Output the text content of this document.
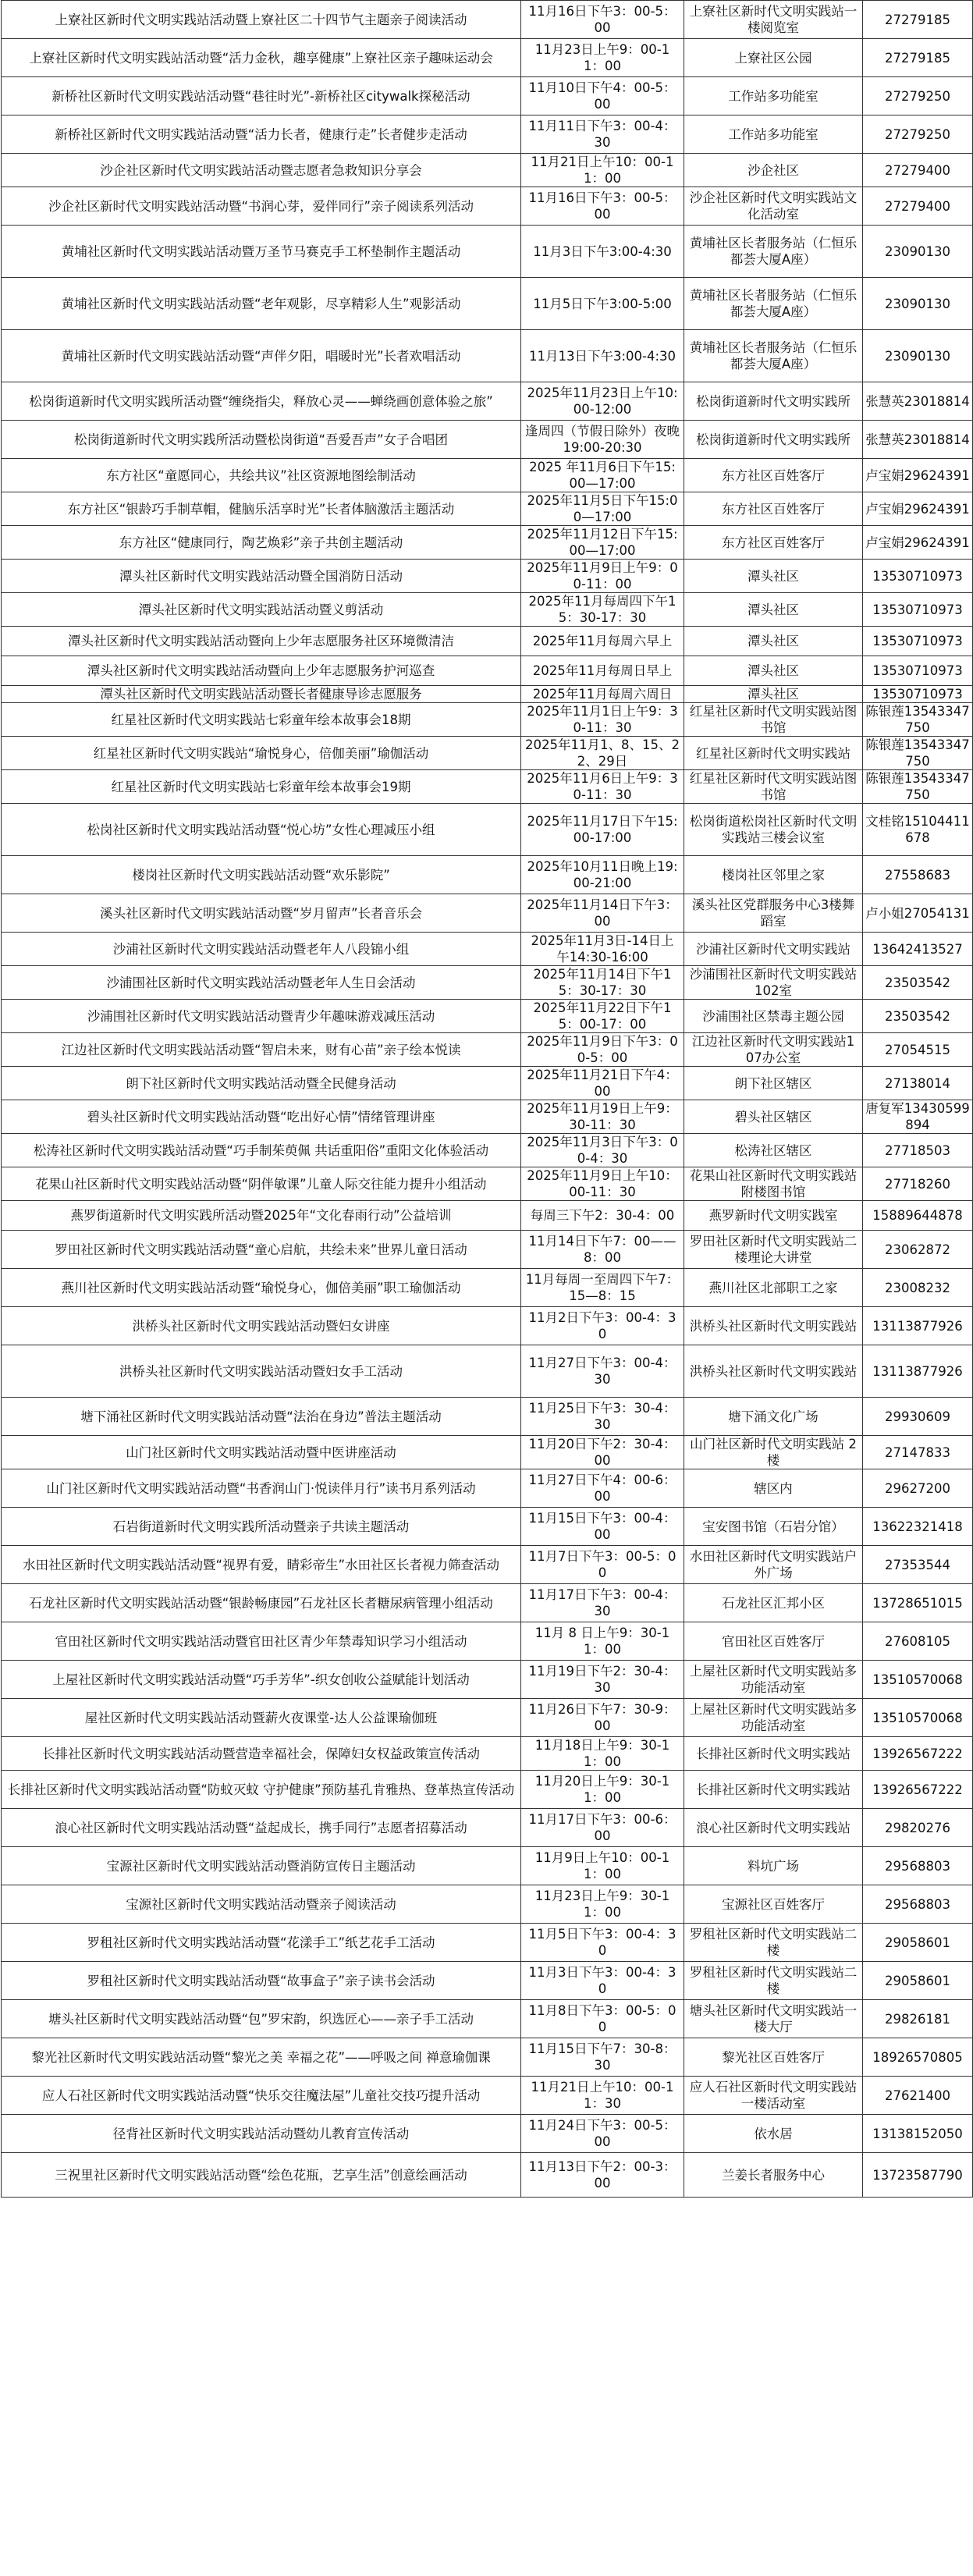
上寮社区新时代文明实践站活动暨上寮社区二十四节气主题亲子阅读活动	11月16日下午3：00-5：00	上寮社区新时代文明实践站一楼阅览室	27279185
上寮社区新时代文明实践站活动暨“活力金秋，趣享健康”上寮社区亲子趣味运动会	11月23日上午9：00-11：00	上寮社区公园	27279185
新桥社区新时代文明实践站活动暨“巷往时光”-新桥社区citywalk探秘活动	11月10日下午4：00-5：00	工作站多功能室	27279250
新桥社区新时代文明实践站活动暨“活力长者，健康行走”长者健步走活动	11月11日下午3：00-4：30	工作站多功能室	27279250
沙企社区新时代文明实践站活动暨志愿者急救知识分享会	11月21日上午10：00-11：00	沙企社区	27279400
沙企社区新时代文明实践站活动暨“书润心芽，爱伴同行”亲子阅读系列活动	11月16日下午3：00-5：00	沙企社区新时代文明实践站文化活动室	27279400
黄埔社区新时代文明实践站活动暨万圣节马赛克手工杯垫制作主题活动	11月3日下午3:00-4:30	黄埔社区长者服务站（仁恒乐都荟大厦A座）	23090130
黄埔社区新时代文明实践站活动暨“老年观影，尽享精彩人生”观影活动	11月5日下午3:00-5:00	黄埔社区长者服务站（仁恒乐都荟大厦A座）	23090130
黄埔社区新时代文明实践站活动暨“声伴夕阳，唱暖时光”长者欢唱活动	11月13日下午3:00-4:30	黄埔社区长者服务站（仁恒乐都荟大厦A座）	23090130
松岗街道新时代文明实践所活动暨“缠绕指尖，释放心灵——蝉绕画创意体验之旅”	2025年11月23日上午10:00-12:00	松岗街道新时代文明实践所	张慧英23018814
松岗街道新时代文明实践所活动暨松岗街道“吾爱吾声”女子合唱团	逢周四（节假日除外）夜晚19:00-20:30	松岗街道新时代文明实践所	张慧英23018814
东方社区“童愿同心，共绘共议”社区资源地图绘制活动	2025 年11月6日下午15:00—17:00	东方社区百姓客厅	卢宝娟29624391
东方社区“银龄巧手制草帽，健脑乐活享时光”长者体脑激活主题活动	2025年11月5日下午15:00—17:00	东方社区百姓客厅	卢宝娟29624391
东方社区“健康同行，陶艺焕彩”亲子共创主题活动	2025年11月12日下午15:00—17:00	东方社区百姓客厅	卢宝娟29624391
潭头社区新时代文明实践站活动暨全国消防日活动	2025年11月9日上午9：00-11：00	潭头社区	13530710973
潭头社区新时代文明实践站活动暨义剪活动	2025年11月每周四下午15：30-17：30	潭头社区	13530710973
潭头社区新时代文明实践站活动暨向上少年志愿服务社区环境微清洁	2025年11月每周六早上	潭头社区	13530710973
潭头社区新时代文明实践站活动暨向上少年志愿服务护河巡查	2025年11月每周日早上	潭头社区	13530710973
潭头社区新时代文明实践站活动暨长者健康导诊志愿服务	2025年11月每周六周日	潭头社区	13530710973
红星社区新时代文明实践站七彩童年绘本故事会18期	2025年11月1日上午9：30-11：30	红星社区新时代文明实践站图书馆	陈银莲13543347750
红星社区新时代文明实践站“瑜悦身心，倍伽美丽”瑜伽活动	2025年11月1、8、15、22、29日	红星社区新时代文明实践站	陈银莲13543347750
红星社区新时代文明实践站七彩童年绘本故事会19期	2025年11月6日上午9：30-11：30	红星社区新时代文明实践站图书馆	陈银莲13543347750
松岗社区新时代文明实践站活动暨“悦心坊”女性心理减压小组	2025年11月17日下午15:00-17:00	松岗街道松岗社区新时代文明实践站三楼会议室	文桂铭15104411678
楼岗社区新时代文明实践站活动暨“欢乐影院”	2025年10月11日晚上19:00-21:00	楼岗社区邻里之家	27558683
溪头社区新时代文明实践站活动暨“岁月留声”长者音乐会	2025年11月14日下午3：00	溪头社区党群服务中心3楼舞蹈室	卢小姐27054131
沙浦社区新时代文明实践站活动暨老年人八段锦小组	2025年11月3日-14日上午14:30-16:00	沙浦社区新时代文明实践站	13642413527
沙浦围社区新时代文明实践站活动暨老年人生日会活动	2025年11月14日下午15：30-17：30	沙浦围社区新时代文明实践站102室	23503542
沙浦围社区新时代文明实践站活动暨青少年趣味游戏减压活动	2025年11月22日下午15：00-17：00	沙浦围社区禁毒主题公园	23503542
江边社区新时代文明实践站活动暨“智启未来，财有心苗”亲子绘本悦读	2025年11月9日下午3：00-5：00	江边社区新时代文明实践站107办公室	27054515
朗下社区新时代文明实践站活动暨全民健身活动	2025年11月21日下午4：00	朗下社区辖区	27138014
碧头社区新时代文明实践站活动暨“吃出好心情”情绪管理讲座	2025年11月19日上午9：30-11：30	碧头社区辖区	唐复军13430599894
松涛社区新时代文明实践站活动暨“巧手制茱萸佩 共话重阳俗”重阳文化体验活动	2025年11月3日下午3：00-4：30	松涛社区辖区	27718503
花果山社区新时代文明实践站活动暨“阴伴敏课”儿童人际交往能力提升小组活动	2025年11月9日上午10：00-11：30	花果山社区新时代文明实践站附楼图书馆	27718260
燕罗街道新时代文明实践所活动暨2025年“文化春雨行动”公益培训	每周三下午2：30-4：00	燕罗新时代文明实践室	15889644878
罗田社区新时代文明实践站活动暨“童心启航，共绘未来”世界儿童日活动	11月14日下午7：00——8：00	罗田社区新时代文明实践站二楼理论大讲堂	23062872
燕川社区新时代文明实践站活动暨“瑜悦身心，伽倍美丽”职工瑜伽活动	11月每周一至周四下午7：15—8：15	燕川社区北部职工之家	23008232
洪桥头社区新时代文明实践站活动暨妇女讲座	11月2日下午3：00-4：30	洪桥头社区新时代文明实践站	13113877926
洪桥头社区新时代文明实践站活动暨妇女手工活动	11月27日下午3：00-4：30	洪桥头社区新时代文明实践站	13113877926
塘下涌社区新时代文明实践站活动暨“法治在身边”普法主题活动	11月25日下午3：30-4：30	塘下涌文化广场	29930609
山门社区新时代文明实践站活动暨中医讲座活动	11月20日下午2：30-4：00	山门社区新时代文明实践站 2楼	27147833
山门社区新时代文明实践站活动暨“书香润山门·悦读伴月行”读书月系列活动	11月27日下午4：00-6：00	辖区内	29627200
石岩街道新时代文明实践所活动暨亲子共读主题活动	11月15日下午3：00-4：00	宝安图书馆（石岩分馆）	13622321418
水田社区新时代文明实践站活动暨“视界有爱，睛彩帝生”水田社区长者视力筛查活动	11月7日下午3：00-5：00	水田社区新时代文明实践站户外广场	27353544
石龙社区新时代文明实践站活动暨“银龄畅康园”石龙社区长者糖尿病管理小组活动	11月17日下午3：00-4：30	石龙社区汇邦小区	13728651015
官田社区新时代文明实践站活动暨官田社区青少年禁毒知识学习小组活动	11月 8 日上午9：30-11：00	官田社区百姓客厅	27608105
上屋社区新时代文明实践站活动暨“巧手芳华”-织女创收公益赋能计划活动	11月19日下午2：30-4：30	上屋社区新时代文明实践站多功能活动室	13510570068
屋社区新时代文明实践站活动暨薪火夜课堂-达人公益课瑜伽班	11月26日下午7：30-9：00	上屋社区新时代文明实践站多功能活动室	13510570068
长排社区新时代文明实践站活动暨营造幸福社会，保障妇女权益政策宣传活动	11月18日上午9：30-11：00	长排社区新时代文明实践站	13926567222
长排社区新时代文明实践站活动暨“防蚊灭蚊 守护健康”预防基孔肯雅热、登革热宣传活动	11月20日上午9：30-11：00	长排社区新时代文明实践站	13926567222
浪心社区新时代文明实践站活动暨“益起成长，携手同行”志愿者招募活动	11月17日下午3：00-6：00	浪心社区新时代文明实践站	29820276
宝源社区新时代文明实践站活动暨消防宣传日主题活动	11月9日上午10：00-11：00	料坑广场	29568803
宝源社区新时代文明实践站活动暨亲子阅读活动	11月23日上午9：30-11：00	宝源社区百姓客厅	29568803
罗租社区新时代文明实践站活动暨“花漾手工”纸艺花手工活动	11月5日下午3：00-4：30	罗租社区新时代文明实践站二楼	29058601
罗租社区新时代文明实践站活动暨“故事盒子”亲子读书会活动	11月3日下午3：00-4：30	罗租社区新时代文明实践站二楼	29058601
塘头社区新时代文明实践站活动暨“包”罗宋韵，织选匠心——亲子手工活动	11月8日下午3：00-5：00	塘头社区新时代文明实践站一楼大厅	29826181
黎光社区新时代文明实践站活动暨“黎光之美 幸福之花”——呼吸之间 禅意瑜伽课	11月15日下午7：30-8：30	黎光社区百姓客厅	18926570805
应人石社区新时代文明实践站活动暨“快乐交往魔法屋”儿童社交技巧提升活动	11月21日上午10：00-11：30	应人石社区新时代文明实践站一楼活动室	27621400
径背社区新时代文明实践站活动暨幼儿教育宣传活动	11月24日下午3：00-5：00	依水居	13138152050
三祝里社区新时代文明实践站活动暨“绘色花瓶，艺享生活”创意绘画活动	11月13日下午2：00-3：00	兰姜长者服务中心	13723587790
